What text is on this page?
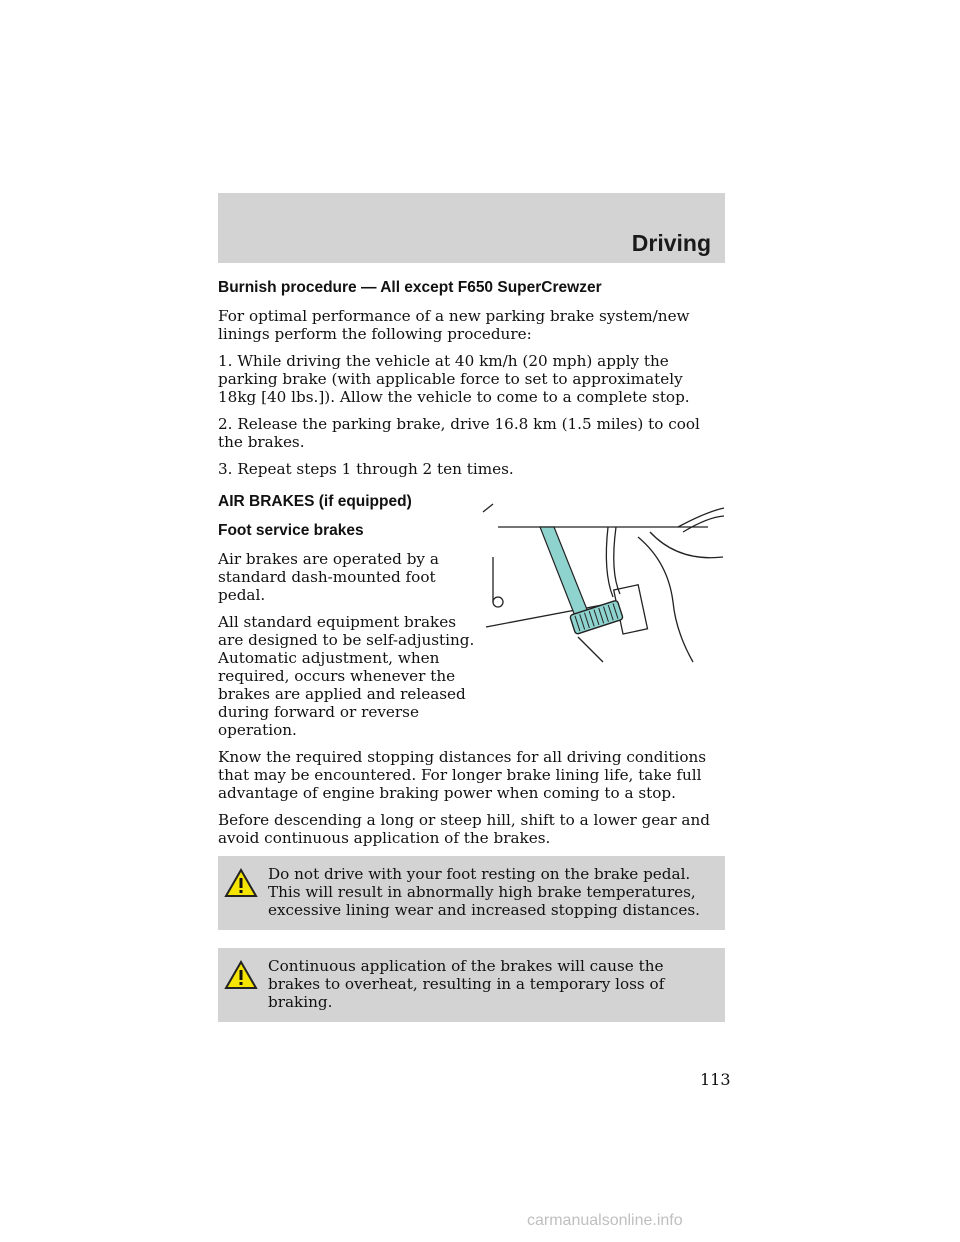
Driving
Burnish procedure — All except F650 SuperCrewzer

For optimal performance of a new parking brake system/new linings perform the following procedure:

1. While driving the vehicle at 40 km/h (20 mph) apply the parking brake (with applicable force to set to approximately 18kg [40 lbs.]). Allow the vehicle to come to a complete stop.

2. Release the parking brake, drive 16.8 km (1.5 miles) to cool the brakes.

3. Repeat steps 1 through 2 ten times.

AIR BRAKES (if equipped)
Foot service brakes

Air brakes are operated by a standard dash-mounted foot pedal.

All standard equipment brakes are designed to be self-adjusting. Automatic adjustment, when required, occurs whenever the brakes are applied and released during forward or reverse operation.

Know the required stopping distances for all driving conditions that may be encountered. For longer brake lining life, take full advantage of engine braking power when coming to a stop.

Before descending a long or steep hill, shift to a lower gear and avoid continuous application of the brakes.

Do not drive with your foot resting on the brake pedal. This will result in abnormally high brake temperatures, excessive lining wear and increased stopping distances.
Continuous application of the brakes will cause the brakes to overheat, resulting in a temporary loss of braking.
113
carmanualsonline.info
